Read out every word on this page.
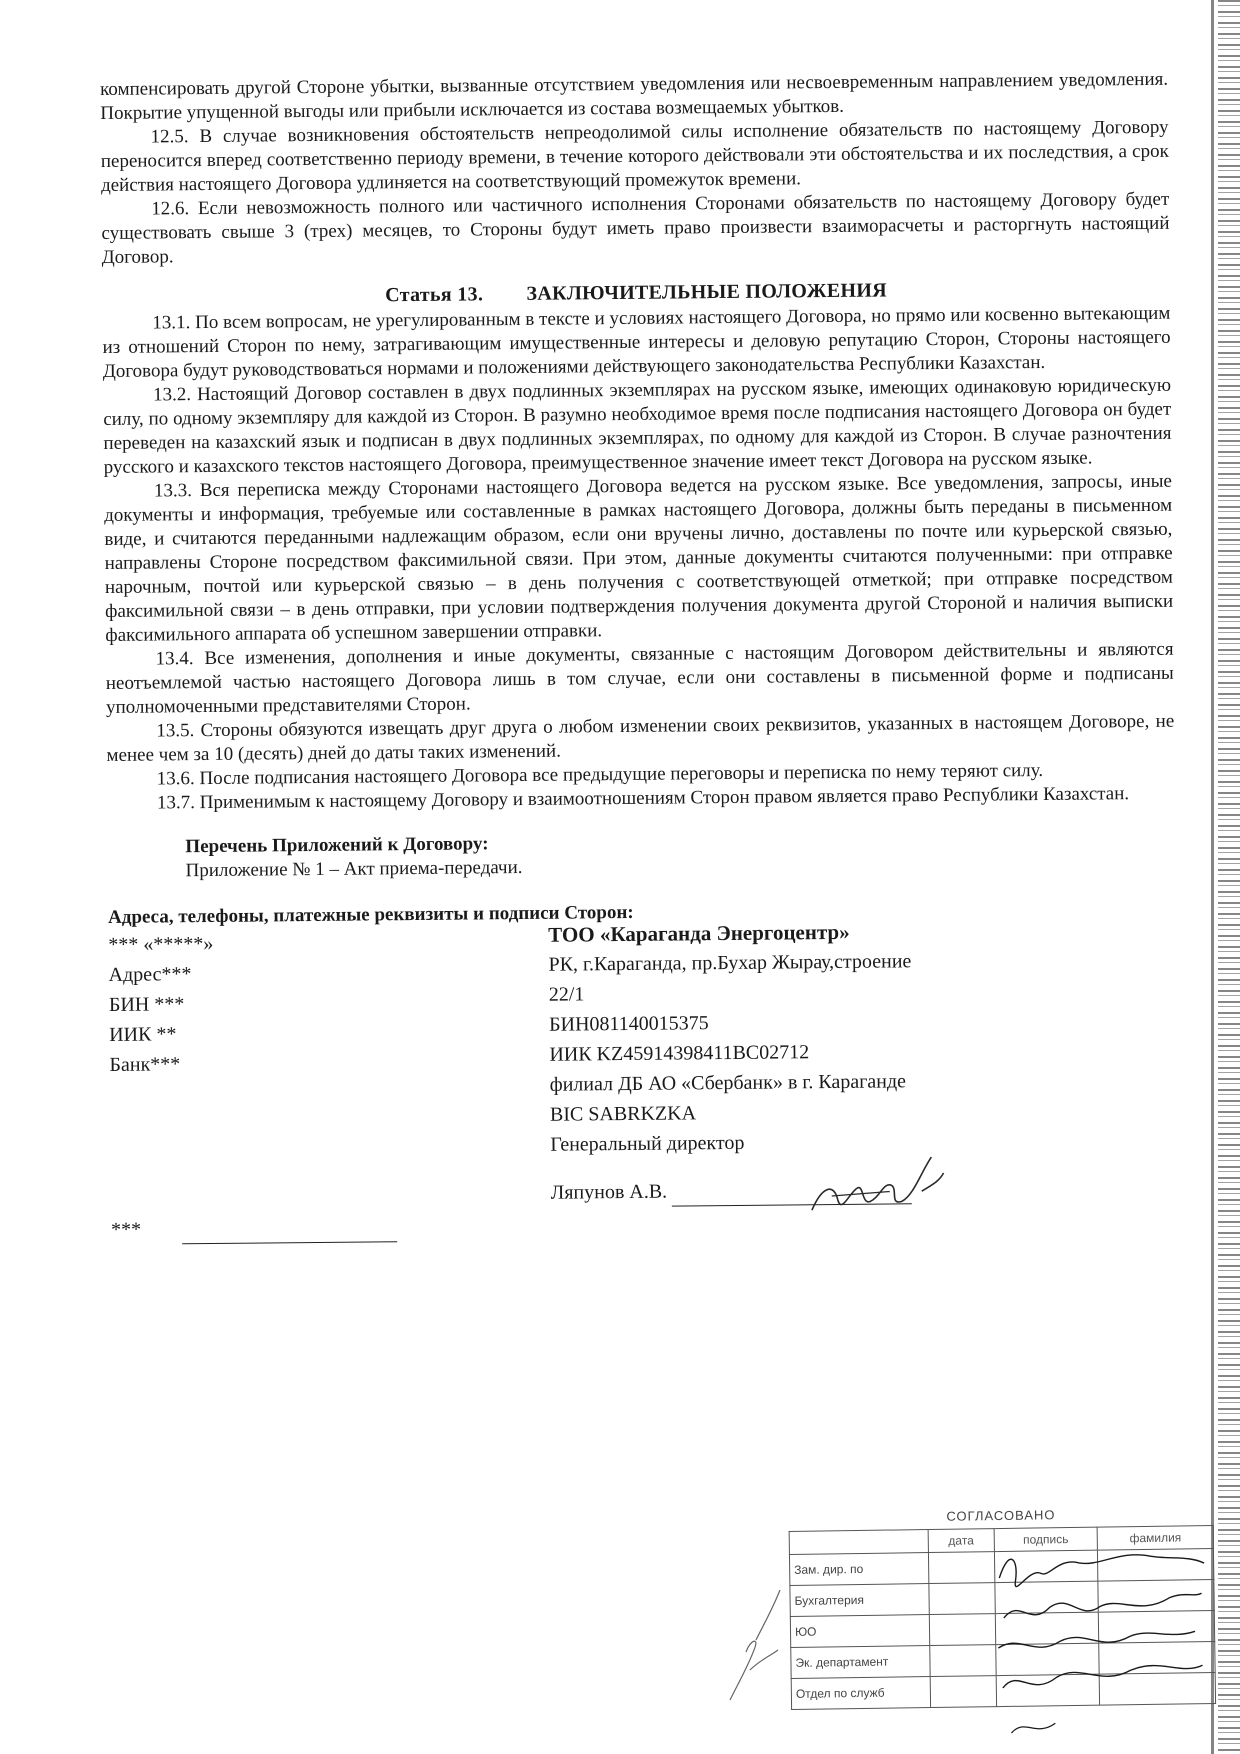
компенсировать другой Стороне убытки, вызванные отсутствием уведомления или несвоевременным направлением уведомления. Покрытие упущенной выгоды или прибыли исключается из состава возмещаемых убытков.

12.5. В случае возникновения обстоятельств непреодолимой силы исполнение обязательств по настоящему Договору переносится вперед соответственно периоду времени, в течение которого действовали эти обстоятельства и их последствия, а срок действия настоящего Договора удлиняется на соответствующий промежуток времени.

12.6. Если невозможность полного или частичного исполнения Сторонами обязательств по настоящему Договору будет существовать свыше 3 (трех) месяцев, то Стороны будут иметь право произвести взаиморасчеты и расторгнуть настоящий Договор.

Статья 13. ЗАКЛЮЧИТЕЛЬНЫЕ ПОЛОЖЕНИЯ

13.1. По всем вопросам, не урегулированным в тексте и условиях настоящего Договора, но прямо или косвенно вытекающим из отношений Сторон по нему, затрагивающим имущественные интересы и деловую репутацию Сторон, Стороны настоящего Договора будут руководствоваться нормами и положениями действующего законодательства Республики Казахстан.

13.2. Настоящий Договор составлен в двух подлинных экземплярах на русском языке, имеющих одинаковую юридическую силу, по одному экземпляру для каждой из Сторон. В разумно необходимое время после подписания настоящего Договора он будет переведен на казахский язык и подписан в двух подлинных экземплярах, по одному для каждой из Сторон. В случае разночтения русского и казахского текстов настоящего Договора, преимущественное значение имеет текст Договора на русском языке.

13.3. Вся переписка между Сторонами настоящего Договора ведется на русском языке. Все уведомления, запросы, иные документы и информация, требуемые или составленные в рамках настоящего Договора, должны быть переданы в письменном виде, и считаются переданными надлежащим образом, если они вручены лично, доставлены по почте или курьерской связью, направлены Стороне посредством факсимильной связи. При этом, данные документы считаются полученными: при отправке нарочным, почтой или курьерской связью – в день получения с соответствующей отметкой; при отправке посредством факсимильной связи – в день отправки, при условии подтверждения получения документа другой Стороной и наличия выписки факсимильного аппарата об успешном завершении отправки.

13.4. Все изменения, дополнения и иные документы, связанные с настоящим Договором действительны и являются неотъемлемой частью настоящего Договора лишь в том случае, если они составлены в письменной форме и подписаны уполномоченными представителями Сторон.

13.5. Стороны обязуются извещать друг друга о любом изменении своих реквизитов, указанных в настоящем Договоре, не менее чем за 10 (десять) дней до даты таких изменений.

13.6. После подписания настоящего Договора все предыдущие переговоры и переписка по нему теряют силу.

13.7. Применимым к настоящему Договору и взаимоотношениям Сторон правом является право Республики Казахстан.

Перечень Приложений к Договору:
Приложение № 1 – Акт приема-передачи.
Адреса, телефоны, платежные реквизиты и подписи Сторон:
*** «*****»
Адрес***
БИН ***
ИИК **
Банк***
***
ТОО «Караганда Энергоцентр»
РК, г.Караганда, пр.Бухар Жырау,строение
22/1
БИН081140015375
ИИК KZ45914398411BC02712
филиал ДБ АО «Сбербанк» в г. Караганде
BIC SABRKZKA
Генеральный директор
Ляпунов А.В.
СОГЛАСОВАНО
	дата	подпись	фамилия
Зам. дир. по			
Бухгалтерия			
ЮО			
Эк. департамент			
Отдел по служб			
